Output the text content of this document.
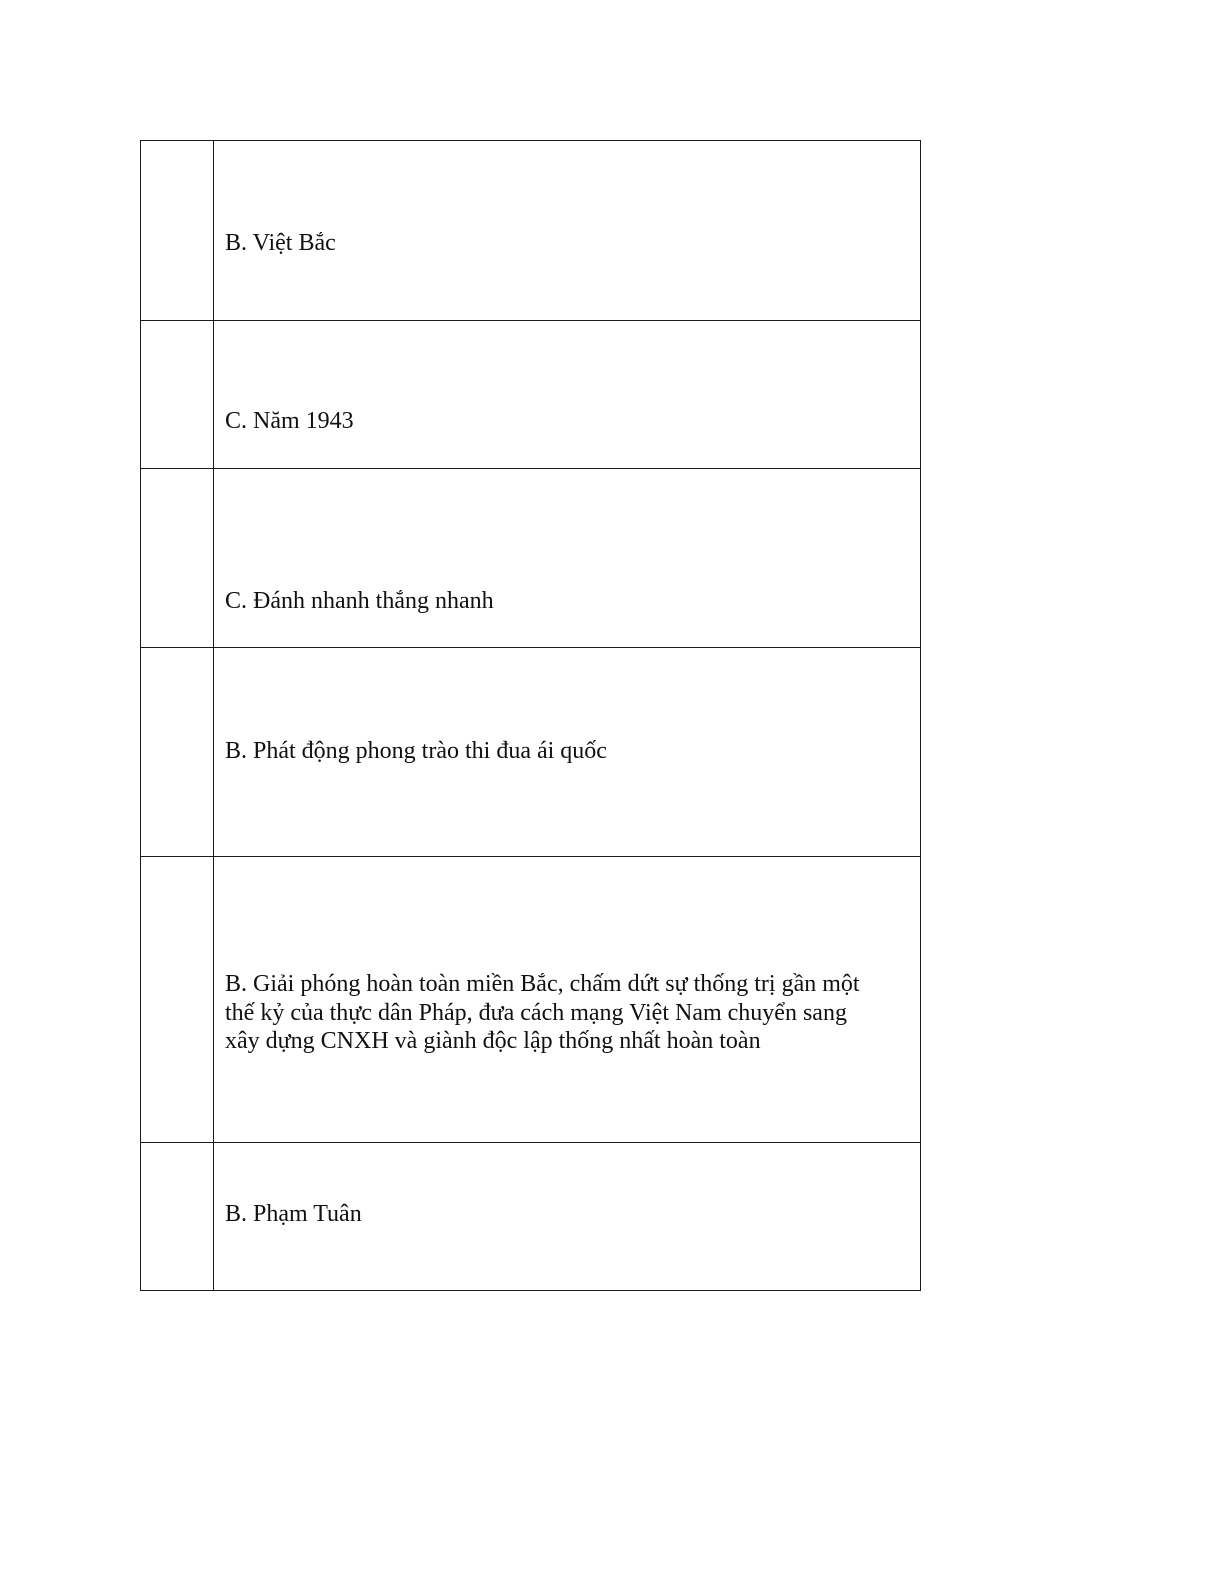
	B. Việt Bắc

	C. Năm 1943

	C. Đánh nhanh thắng nhanh

	B. Phát động phong trào thi đua ái quốc

	B. Giải phóng hoàn toàn miền Bắc, chấm dứt sự thống trị gần một thế kỷ của thực dân Pháp, đưa cách mạng Việt Nam chuyển sang xây dựng CNXH và giành độc lập thống nhất hoàn toàn

	B. Phạm Tuân
